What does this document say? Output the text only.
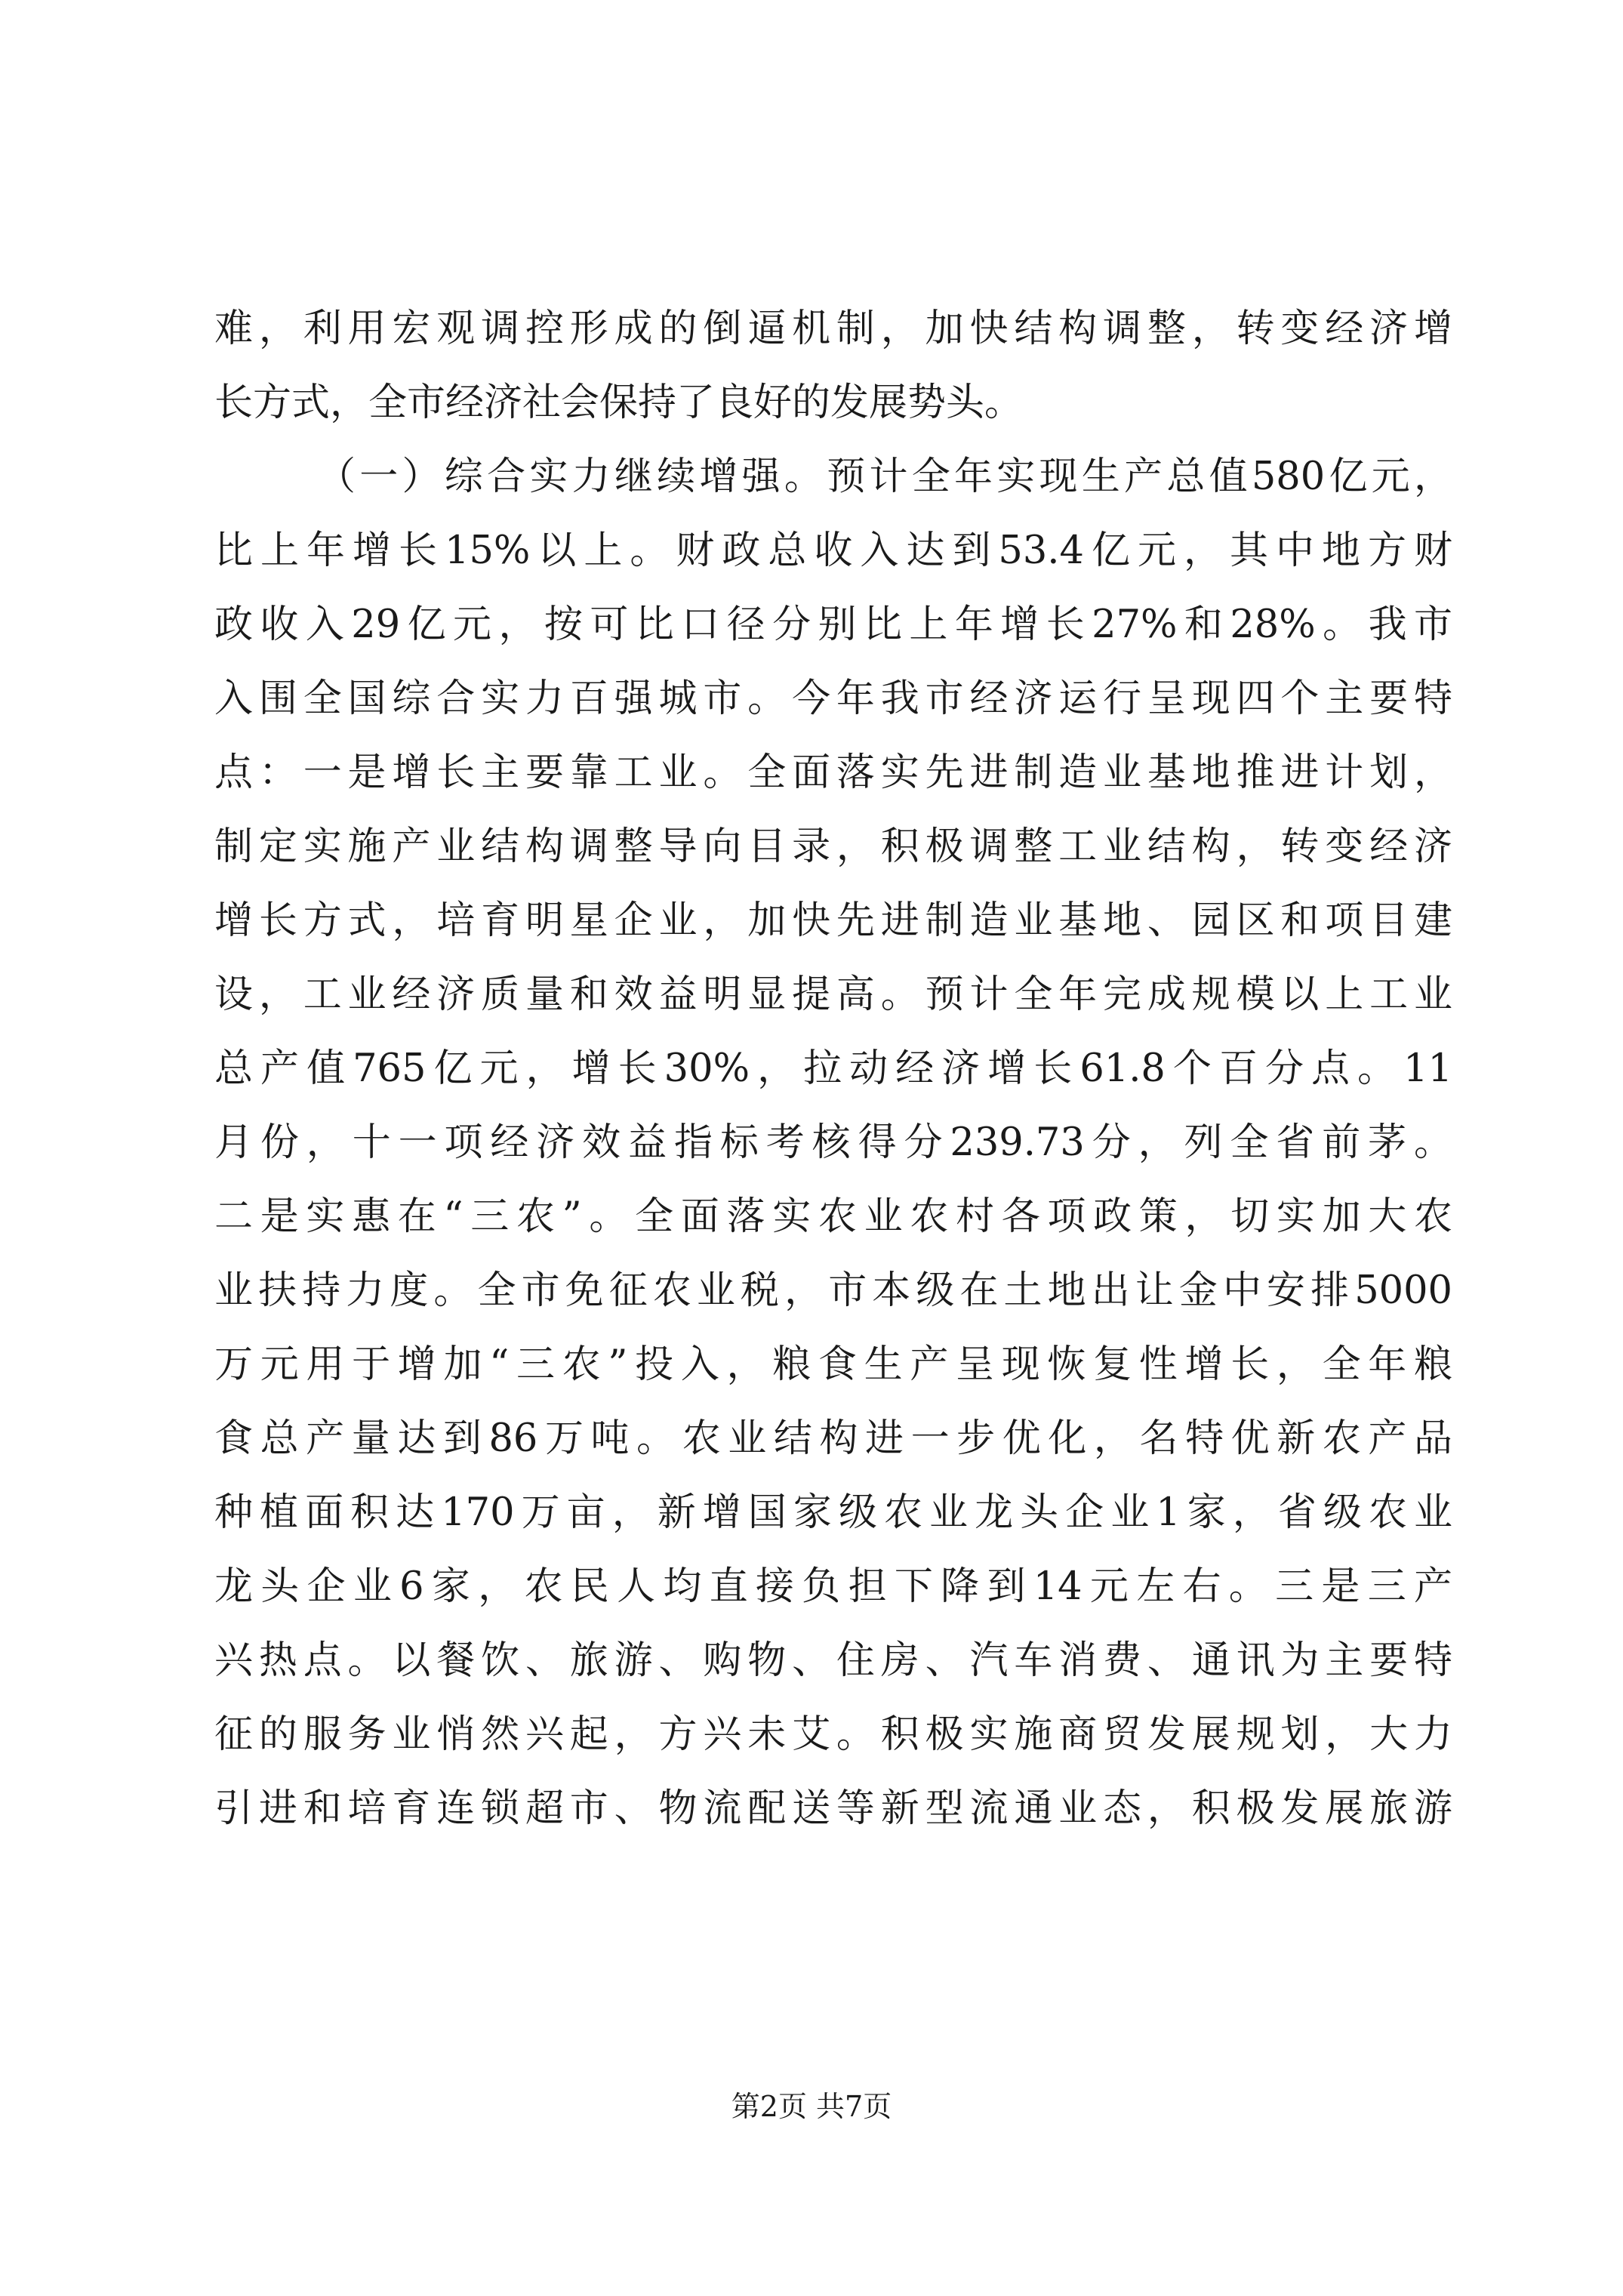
难，利用宏观调控形成的倒逼机制，加快结构调整，转变经济增
长方式，全市经济社会保持了良好的发展势头。
（一）综合实力继续增强。预计全年实现生产总值580亿元，
比上年增长15%以上。财政总收入达到53.4亿元，其中地方财
政收入29亿元，按可比口径分别比上年增长27%和28%。我市
入围全国综合实力百强城市。今年我市经济运行呈现四个主要特
点：一是增长主要靠工业。全面落实先进制造业基地推进计划，
制定实施产业结构调整导向目录，积极调整工业结构，转变经济
增长方式，培育明星企业，加快先进制造业基地、园区和项目建
设，工业经济质量和效益明显提高。预计全年完成规模以上工业
总产值765亿元，增长30%，拉动经济增长61.8个百分点。11
月份，十一项经济效益指标考核得分239.73分，列全省前茅。
二是实惠在“三农”。全面落实农业农村各项政策，切实加大农
业扶持力度。全市免征农业税，市本级在土地出让金中安排5000
万元用于增加“三农”投入，粮食生产呈现恢复性增长，全年粮
食总产量达到86万吨。农业结构进一步优化，名特优新农产品
种植面积达170万亩，新增国家级农业龙头企业1家，省级农业
龙头企业6家，农民人均直接负担下降到14元左右。三是三产
兴热点。以餐饮、旅游、购物、住房、汽车消费、通讯为主要特
征的服务业悄然兴起，方兴未艾。积极实施商贸发展规划，大力
引进和培育连锁超市、物流配送等新型流通业态，积极发展旅游
第2页 共7页
